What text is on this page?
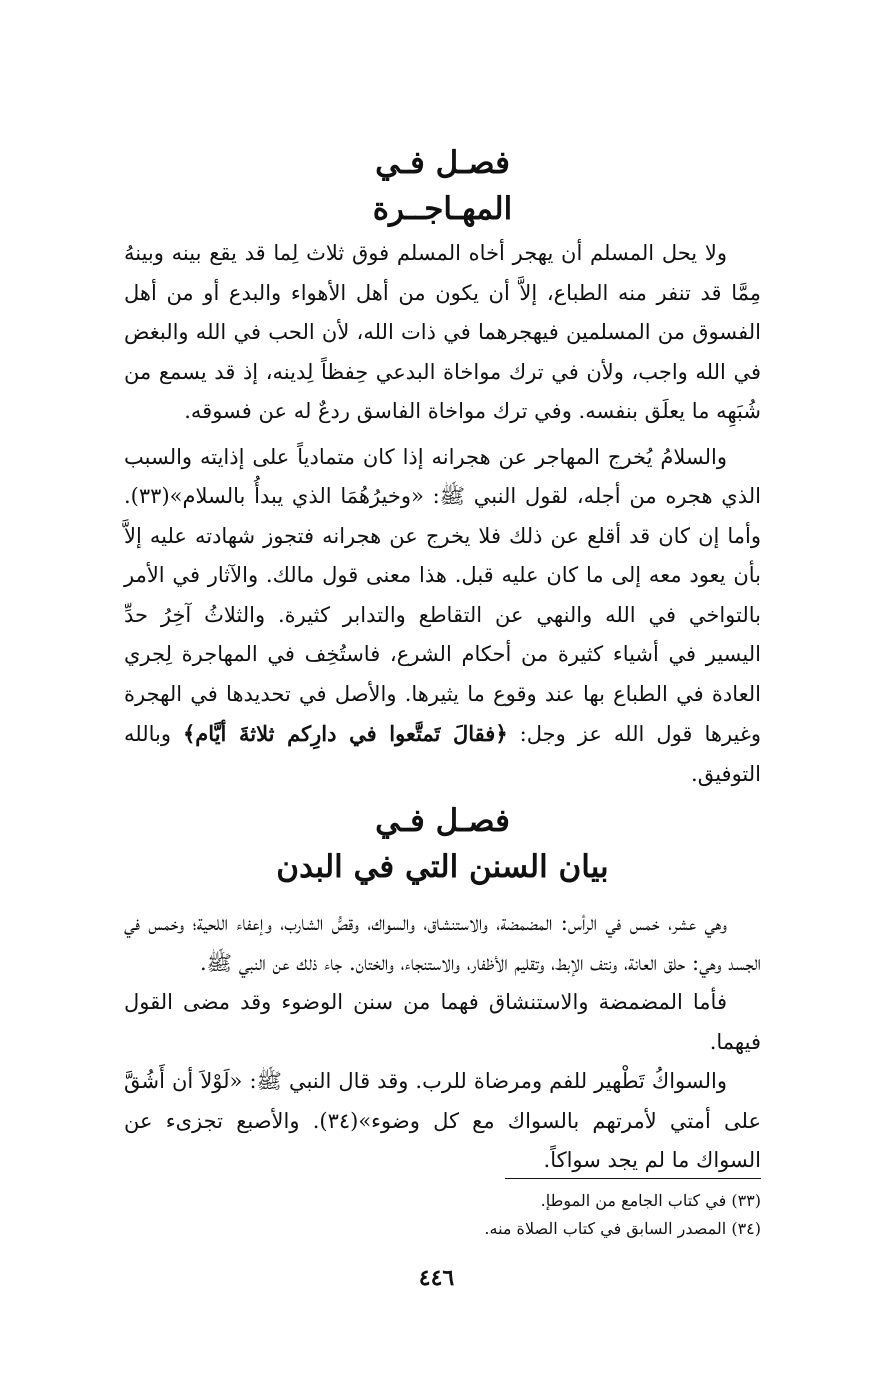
فصـل فـي
المهـاجــرة

ولا يحل المسلم أن يهجر أخاه المسلم فوق ثلاث لِما قد يقع بينه وبينهُ مِمَّا قد تنفر منه الطباع، إلاَّ أن يكون من أهل الأهواء والبدع أو من أهل الفسوق من المسلمين فيهجرهما في ذات الله، لأن الحب في الله والبغض في الله واجب، ولأن في ترك مواخاة البدعي حِفظاً لِدينه، إذ قد يسمع من شُبَهِه ما يعلَق بنفسه. وفي ترك مواخاة الفاسق ردعٌ له عن فسوقه.

والسلامُ يُخرج المهاجر عن هجرانه إذا كان متمادياً على إذايته والسبب الذي هجره من أجله، لقول النبي ﷺ: «وخيرُهُمَا الذي يبدأُ بالسلام»(٣٣). وأما إن كان قد أقلع عن ذلك فلا يخرج عن هجرانه فتجوز شهادته عليه إلاَّ بأن يعود معه إلى ما كان عليه قبل. هذا معنى قول مالك. والآثار في الأمر بالتواخي في الله والنهي عن التقاطع والتدابر كثيرة. والثلاثُ آخِرُ حدِّ اليسير في أشياء كثيرة من أحكام الشرع، فاستُخِف في المهاجرة لِجري العادة في الطباع بها عند وقوع ما يثيرها. والأصل في تحديدها في الهجرة وغيرها قول الله عز وجل: ﴿فقالَ تَمتَّعوا في دارِكم ثلاثةَ أيَّام﴾ وبالله التوفيق.

فصـل فـي
بيان السنن التي في البدن

وهي عشر، خمس في الرأس: المضمضة، والاستنشاق، والسواك، وقصُّ الشارب، وإعفاء اللحية؛ وخمس في الجسد وهي: حلق العانة، ونتف الإبط، وتقليم الأظفار، والاستنجاء، والختان. جاء ذلك عن النبي ﷺ.

فأما المضمضة والاستنشاق فهما من سنن الوضوء وقد مضى القول فيهما.

والسواكُ تَطْهير للفم ومرضاة للرب. وقد قال النبي ﷺ: «لَوْلاَ أن أَشُقَّ على أمتي لأمرتهم بالسواك مع كل وضوء»(٣٤). والأصبع تجزىء عن السواك ما لم يجد سواكاً.

(٣٣) في كتاب الجامع من الموطإ.

(٣٤) المصدر السابق في كتاب الصلاة منه.

٤٤٦
